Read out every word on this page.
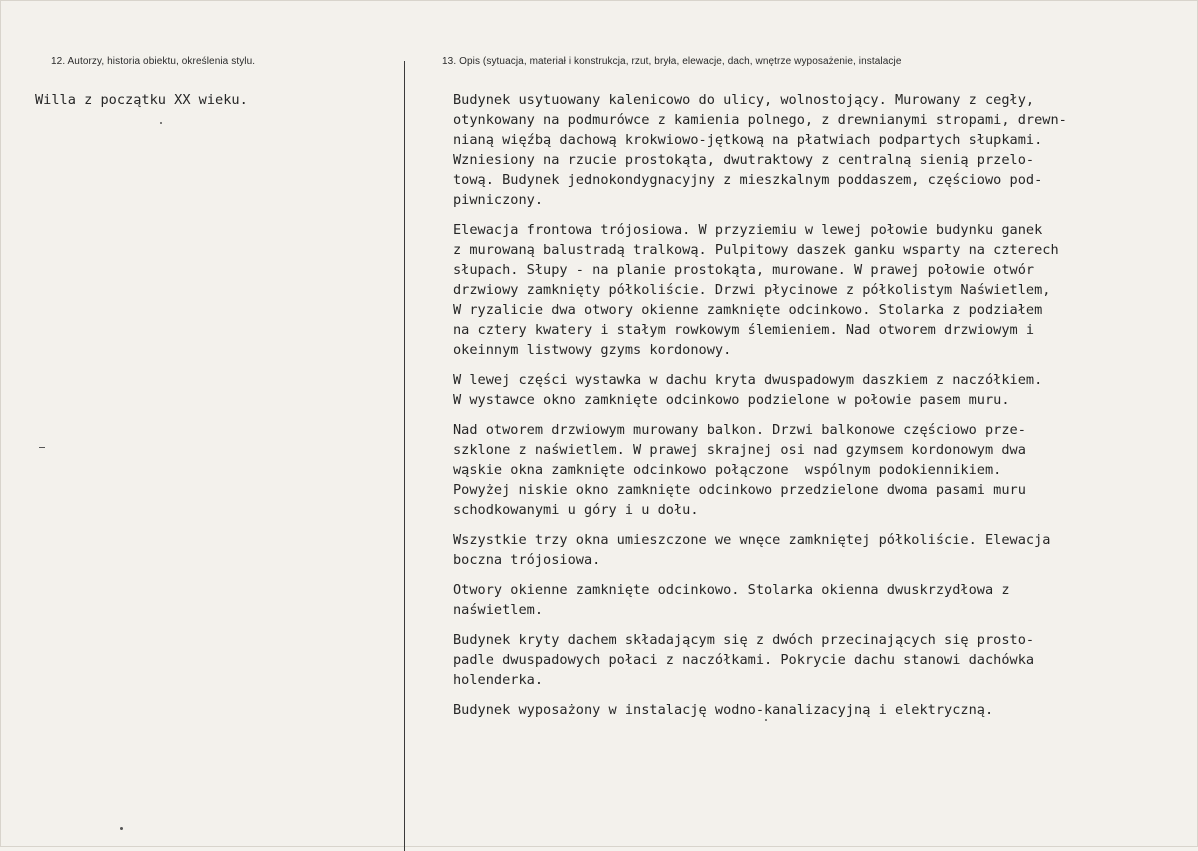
12. Autorzy, historia obiektu, określenia stylu.	13. Opis (sytuacja, materiał i konstrukcja, rzut, bryła, elewacje, dach, wnętrze wyposażenie, instalacje

Willa z początku XX wieku.	Budynek usytuowany kalenicowo do ulicy, wolnostojący. Murowany z cegły,
otynkowany na podmurówce z kamienia polnego, z drewnianymi stropami, drewn-
nianą więźbą dachową krokwiowo-jętkową na płatwiach podpartych słupkami.
Wzniesiony na rzucie prostokąta, dwutraktowy z centralną sienią przelo-
tową. Budynek jednokondygnacyjny z mieszkalnym poddaszem, częściowo pod-
piwniczony.
Elewacja frontowa trójosiowa. W przyziemiu w lewej połowie budynku ganek
z murowaną balustradą tralkową. Pulpitowy daszek ganku wsparty na czterech
słupach. Słupy - na planie prostokąta, murowane. W prawej połowie otwór
drzwiowy zamknięty półkoliście. Drzwi płycinowe z półkolistym Naświetlem,
W ryzalicie dwa otwory okienne zamknięte odcinkowo. Stolarka z podziałem
na cztery kwatery i stałym rowkowym ślemieniem. Nad otworem drzwiowym i
okeinnym listwowy gzyms kordonowy.
W lewej części wystawka w dachu kryta dwuspadowym daszkiem z naczółkiem.
W wystawce okno zamknięte odcinkowo podzielone w połowie pasem muru.
Nad otworem drzwiowym murowany balkon. Drzwi balkonowe częściowo prze-
szklone z naświetlem. W prawej skrajnej osi nad gzymsem kordonowym dwa
wąskie okna zamknięte odcinkowo połączone  wspólnym podokiennikiem.
Powyżej niskie okno zamknięte odcinkowo przedzielone dwoma pasami muru
schodkowanymi u góry i u dołu.
Wszystkie trzy okna umieszczone we wnęce zamkniętej półkoliście. Elewacja
boczna trójosiowa.
Otwory okienne zamknięte odcinkowo. Stolarka okienna dwuskrzydłowa z
naświetlem.
Budynek kryty dachem składającym się z dwóch przecinających się prosto-
padle dwuspadowych połaci z naczółkami. Pokrycie dachu stanowi dachówka
holenderka.
Budynek wyposażony w instalację wodno-kanalizacyjną i elektryczną.
